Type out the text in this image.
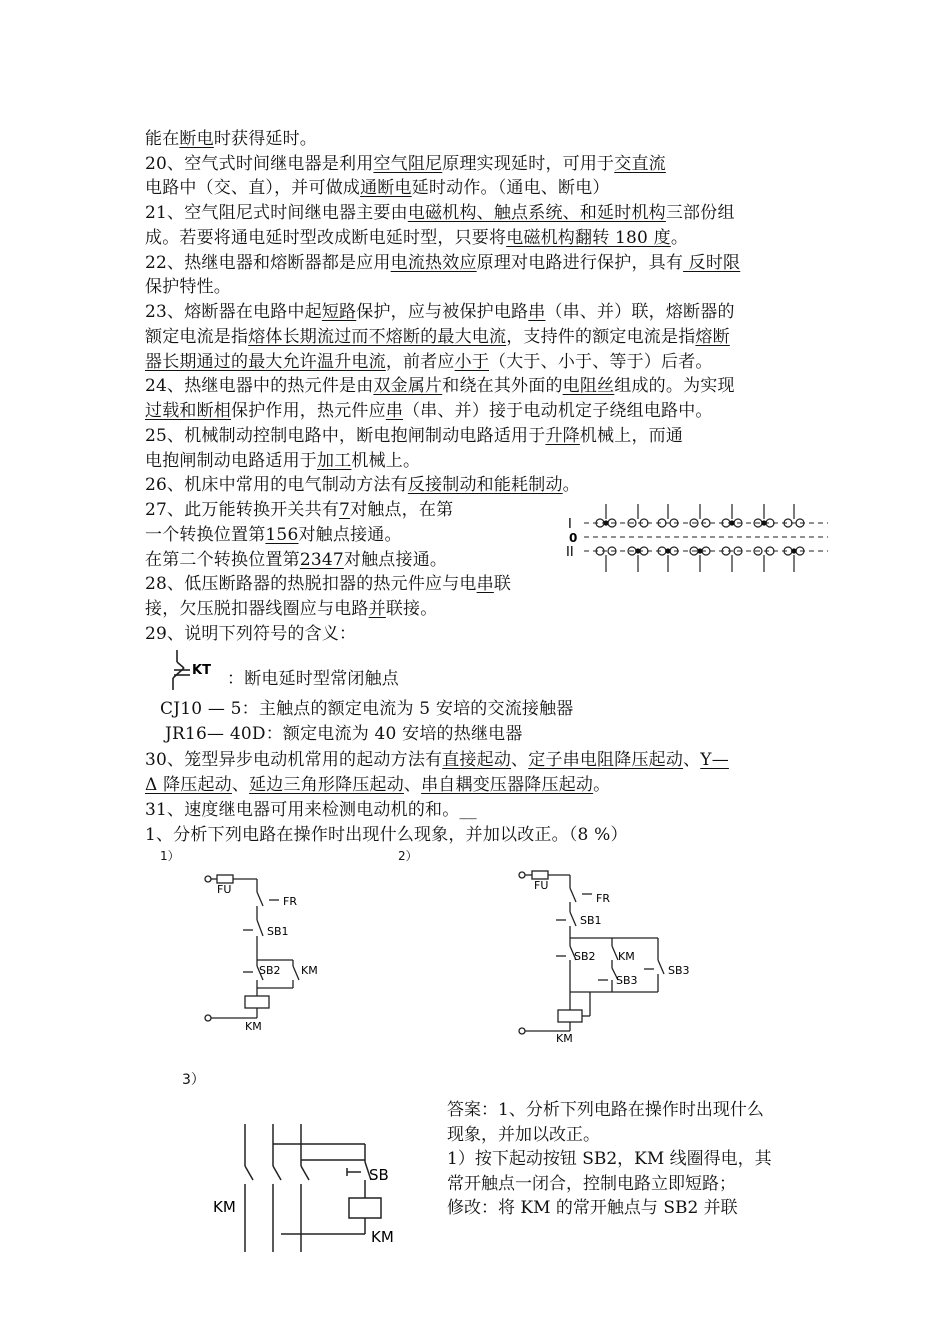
能在断电时获得延时。
20、空气式时间继电器是利用空气阻尼原理实现延时，可用于交直流
电路中（交、直），并可做成通断电延时动作。（通电、断电）
21、空气阻尼式时间继电器主要由电磁机构、触点系统、和延时机构三部份组
成。若要将通电延时型改成断电延时型，只要将电磁机构翻转 180 度。
22、热继电器和熔断器都是应用电流热效应原理对电路进行保护，具有 反时限
保护特性。
23、熔断器在电路中起短路保护，应与被保护电路串（串、并）联，熔断器的
额定电流是指熔体长期流过而不熔断的最大电流，支持件的额定电流是指熔断
器长期通过的最大允许温升电流，前者应小于（大于、小于、等于）后者。
24、热继电器中的热元件是由双金属片和绕在其外面的电阻丝组成的。为实现
过载和断相保护作用，热元件应串（串、并）接于电动机定子绕组电路中。
25、机械制动控制电路中，断电抱闸制动电路适用于升降机械上，而通
电抱闸制动电路适用于加工机械上。
26、机床中常用的电气制动方法有反接制动和能耗制动。
27、此万能转换开关共有7对触点，在第
一个转换位置第156对触点接通。
在第二个转换位置第2347对触点接通。
28、低压断路器的热脱扣器的热元件应与电串联
接，欠压脱扣器线圈应与电路并联接。
29、说明下列符号的含义：
：断电延时型常闭触点
CJ10 — 5：主触点的额定电流为 5 安培的交流接触器
JR16— 40D：额定电流为 40 安培的热继电器
30、笼型异步电动机常用的起动方法有直接起动、定子串电阻降压起动、Y—
Δ 降压起动、延边三角形降压起动、串自耦变压器降压起动。
31、速度继电器可用来检测电动机的和。__
1、分析下列电路在操作时出现什么现象，并加以改正。（8 %）
I
0
II
KT
1）	2）
3）
FU
FR
SB1
SB2 KM
KM
FU
FR
SB1
SB2 KM
SB3
SB3
KM
SB
KM
KM
答案：1、分析下列电路在操作时出现什么
现象，并加以改正。
1）按下起动按钮 SB2，KM 线圈得电，其
常开触点一闭合，控制电路立即短路；
修改：将 KM 的常开触点与 SB2 并联
